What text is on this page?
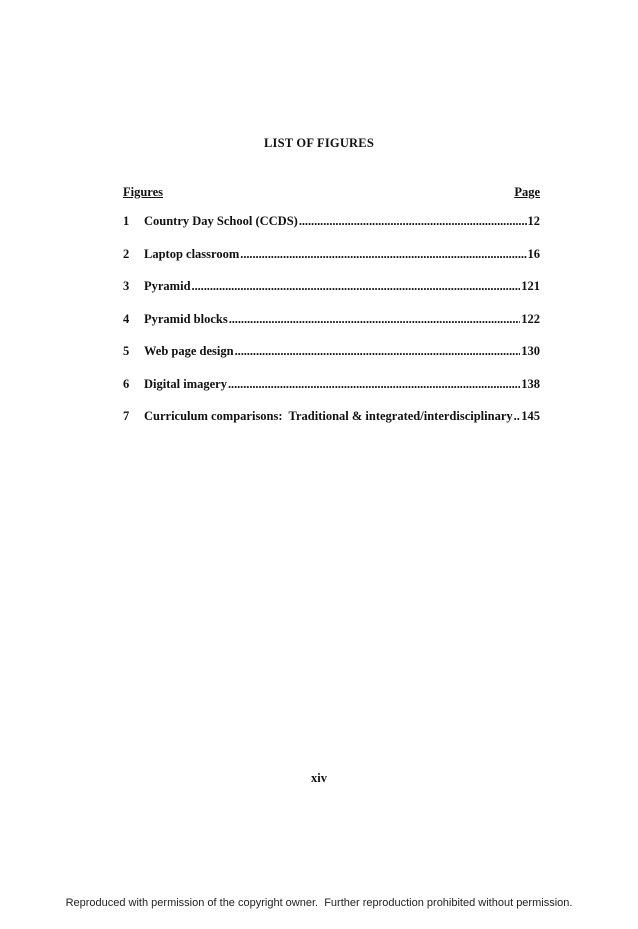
LIST OF FIGURES
Figures	Page
1	Country Day School (CCDS) . . .	12
2	Laptop classroom . . .	16
3	Pyramid . . .	121
4	Pyramid blocks . . .	122
5	Web page design . . .	130
6	Digital imagery . . .	138
7	Curriculum comparisons:  Traditional & integrated/interdisciplinary . . . 145
xiv
Reproduced with permission of the copyright owner.  Further reproduction prohibited without permission.
